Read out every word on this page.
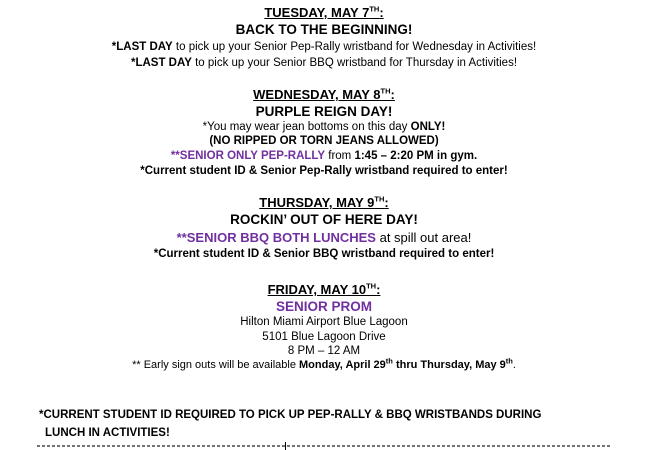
TUESDAY, MAY 7TH:
BACK TO THE BEGINNING!
*LAST DAY to pick up your Senior Pep-Rally wristband for Wednesday in Activities!
*LAST DAY to pick up your Senior BBQ wristband for Thursday in Activities!
WEDNESDAY, MAY 8TH:
PURPLE REIGN DAY!
*You may wear jean bottoms on this day ONLY!
(NO RIPPED OR TORN JEANS ALLOWED)
**SENIOR ONLY PEP-RALLY from 1:45 – 2:20 PM in gym.
*Current student ID & Senior Pep-Rally wristband required to enter!
THURSDAY, MAY 9TH:
ROCKIN’ OUT OF HERE DAY!
**SENIOR BBQ BOTH LUNCHES at spill out area!
*Current student ID & Senior BBQ wristband required to enter!
FRIDAY, MAY 10TH:
SENIOR PROM
Hilton Miami Airport Blue Lagoon
5101 Blue Lagoon Drive
8 PM – 12 AM
** Early sign outs will be available Monday, April 29th thru Thursday, May 9th.
*CURRENT STUDENT ID REQUIRED TO PICK UP PEP-RALLY & BBQ WRISTBANDS DURING
LUNCH IN ACTIVITIES!
